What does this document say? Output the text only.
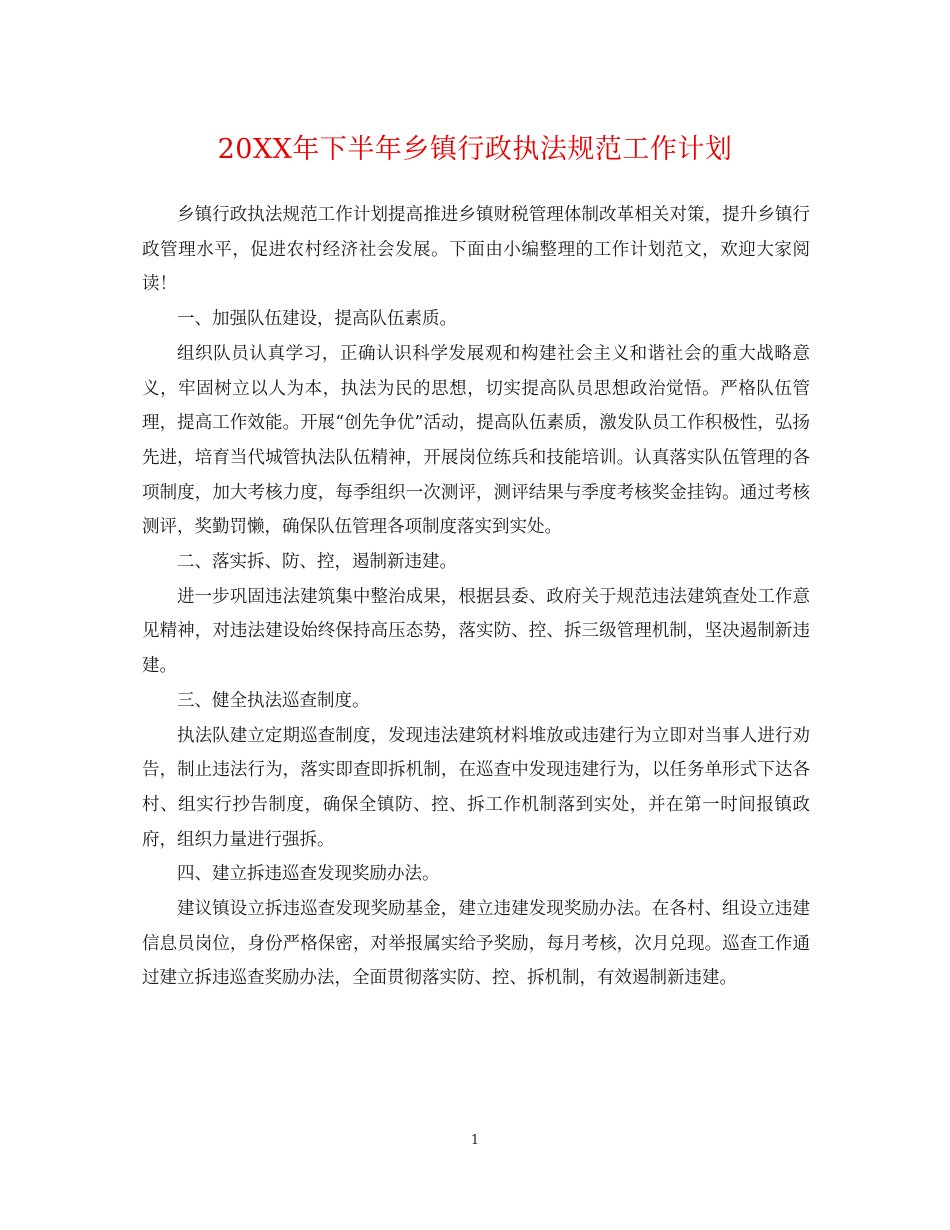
20XX年下半年乡镇行政执法规范工作计划

乡镇行政执法规范工作计划提高推进乡镇财税管理体制改革相关对策，提升乡镇行政管理水平，促进农村经济社会发展。下面由小编整理的工作计划范文，欢迎大家阅读！

一、加强队伍建设，提高队伍素质。

组织队员认真学习，正确认识科学发展观和构建社会主义和谐社会的重大战略意义，牢固树立以人为本，执法为民的思想，切实提高队员思想政治觉悟。严格队伍管理，提高工作效能。开展“创先争优”活动，提高队伍素质，激发队员工作积极性，弘扬先进，培育当代城管执法队伍精神，开展岗位练兵和技能培训。认真落实队伍管理的各项制度，加大考核力度，每季组织一次测评，测评结果与季度考核奖金挂钩。通过考核测评，奖勤罚懒，确保队伍管理各项制度落实到实处。

二、落实拆、防、控，遏制新违建。

进一步巩固违法建筑集中整治成果，根据县委、政府关于规范违法建筑查处工作意见精神，对违法建设始终保持高压态势，落实防、控、拆三级管理机制，坚决遏制新违建。

三、健全执法巡查制度。

执法队建立定期巡查制度，发现违法建筑材料堆放或违建行为立即对当事人进行劝告，制止违法行为，落实即查即拆机制，在巡查中发现违建行为，以任务单形式下达各村、组实行抄告制度，确保全镇防、控、拆工作机制落到实处，并在第一时间报镇政府，组织力量进行强拆。

四、建立拆违巡查发现奖励办法。

建议镇设立拆违巡查发现奖励基金，建立违建发现奖励办法。在各村、组设立违建信息员岗位，身份严格保密，对举报属实给予奖励，每月考核，次月兑现。巡查工作通过建立拆违巡查奖励办法，全面贯彻落实防、控、拆机制，有效遏制新违建。

1
